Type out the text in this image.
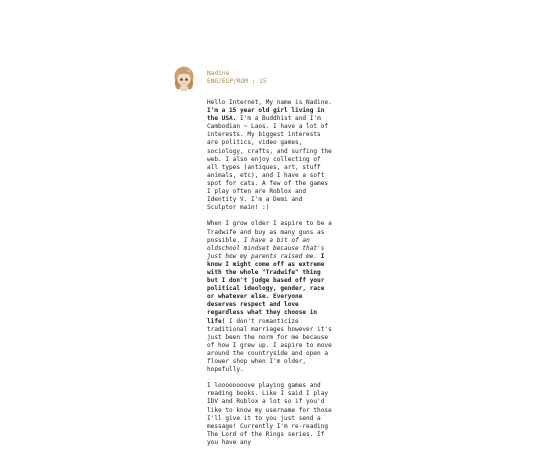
Nadine
ENG/ESP/ROM ; 15

Hello Internet, My name is Nadine. I'm a 15 year old girl living in the USA. I'm a Buddhist and I'm Cambodian ~ Laos. I have a lot of interests. My biggest interests are politics, video games, sociology, crafts, and surfing the web. I also enjoy collecting of all types (antiques, art, stuff animals, etc), and I have a soft spot for cats. A few of the games I play often are Roblox and Identity V. I'm a Demi and Sculptor main! :)

When I grow older I aspire to be a Tradwife and buy as many guns as possible. I have a bit of an oldschool mindset because that's just how my parents raised me. I know I might come off as extreme with the whole "Tradwife" thing but I don't judge based off your political ideology, gender, race or whatever else. Everyone deserves respect and love regardless what they choose in life! I don't romanticize traditional marriages however it's just been the norm for me because of how I grew up. I aspire to move around the countryside and open a flower shop when I'm older, hopefully.

I loooooooove playing games and reading books. Like I said I play IDV and Roblox a lot so if you'd like to know my username for those I'll give it to you just send a message! Currently I'm re-reading The Lord of the Rings series. If you have any
